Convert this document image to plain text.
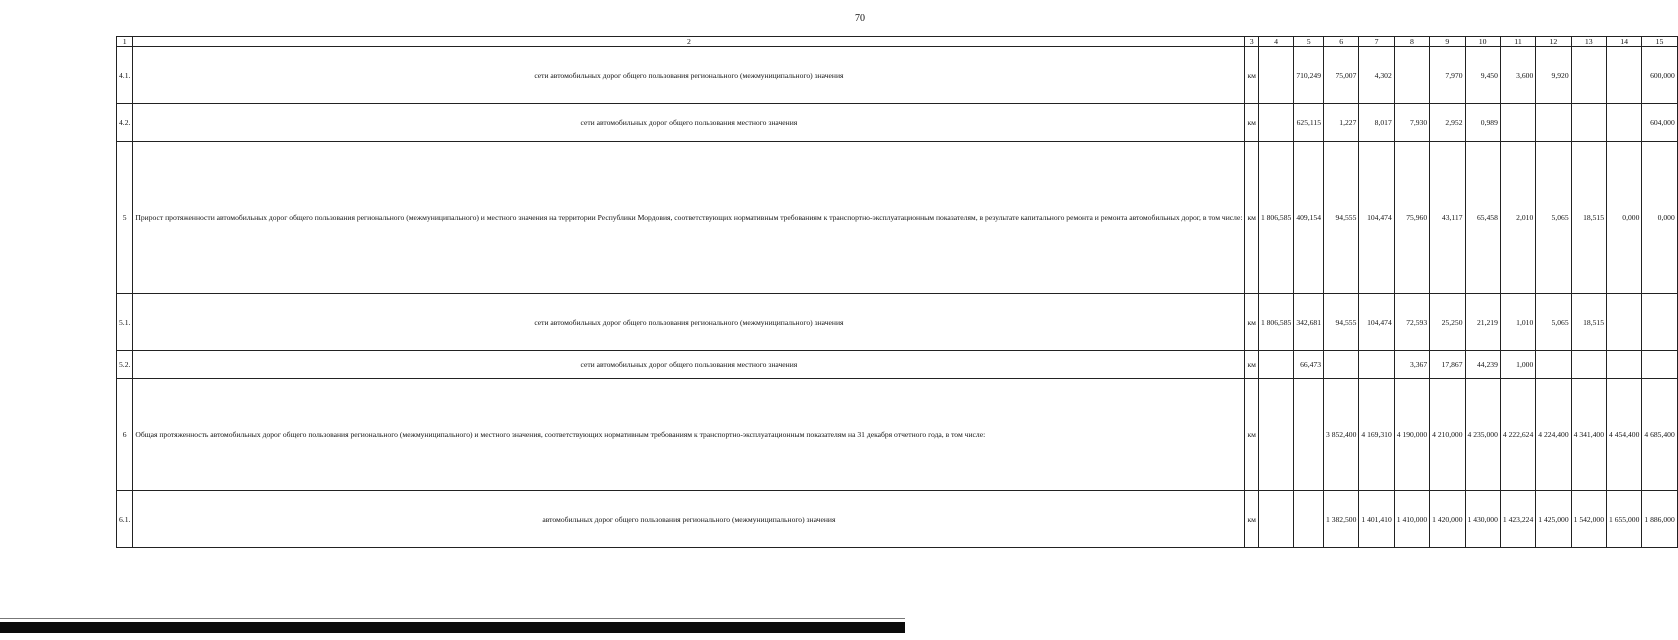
70
1	2	3	4	5	6	7	8	9	10	11	12	13	14	15
4.1.	сети автомобильных дорог общего пользования регионального (межмуниципального) значения	км		710,249	75,007	4,302		7,970	9,450	3,600	9,920			600,000
4.2.	сети автомобильных дорог общего пользования местного значения	км		625,115	1,227	8,017	7,930	2,952	0,989					604,000
5	Прирост протяженности автомобильных дорог общего пользования регионального (межмуниципального) и местного значения на территории Республики Мордовия, соответствующих нормативным требованиям к транспортно-эксплуатационным показателям, в результате капитального ремонта и ремонта автомобильных дорог, в том числе:	км	1 806,585	409,154	94,555	104,474	75,960	43,117	65,458	2,010	5,065	18,515	0,000	0,000
5.1.	сети автомобильных дорог общего пользования регионального (межмуниципального) значения	км	1 806,585	342,681	94,555	104,474	72,593	25,250	21,219	1,010	5,065	18,515		
5.2.	сети автомобильных дорог общего пользования местного значения	км		66,473			3,367	17,867	44,239	1,000				
6	Общая протяженность автомобильных дорог общего пользования регионального (межмуниципального) и местного значения, соответствующих нормативным требованиям к транспортно-эксплуатационным показателям на 31 декабря отчетного года, в том числе:	км			3 852,400	4 169,310	4 190,000	4 210,000	4 235,000	4 222,624	4 224,400	4 341,400	4 454,400	4 685,400
6.1.	автомобильных дорог общего пользования регионального (межмуниципального) значения	км			1 382,500	1 401,410	1 410,000	1 420,000	1 430,000	1 423,224	1 425,000	1 542,000	1 655,000	1 886,000
